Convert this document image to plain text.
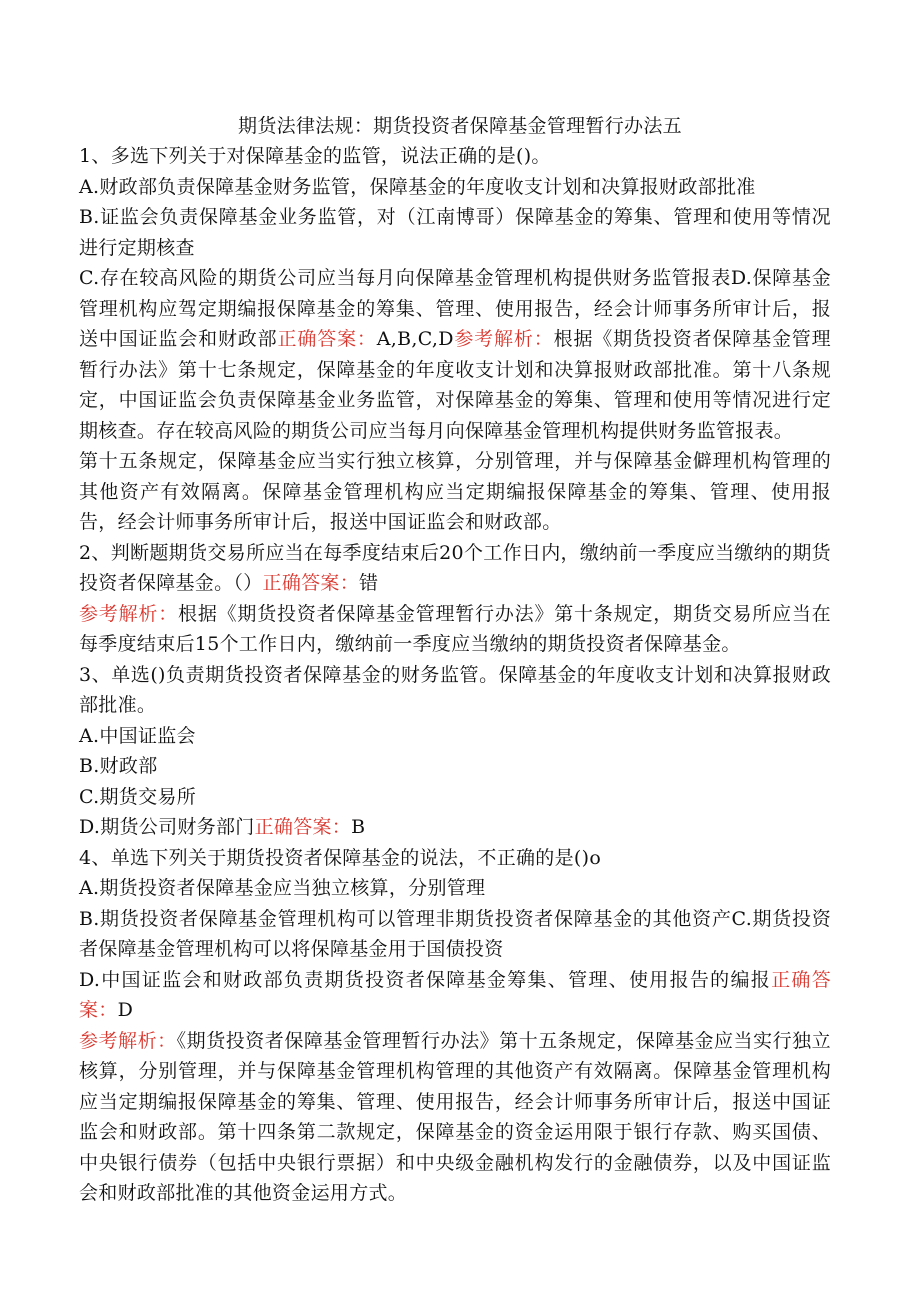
期货法律法规：期货投资者保障基金管理暂行办法五

1、多选下列关于对保障基金的监管，说法正确的是()。

A.财政部负责保障基金财务监管，保障基金的年度收支计划和决算报财政部批准

B.证监会负责保障基金业务监管，对（江南博哥）保障基金的筹集、管理和使用等情况进行定期核查

C.存在较高风险的期货公司应当每月向保障基金管理机构提供财务监管报表D.保障基金管理机构应驾定期编报保障基金的筹集、管理、使用报告，经会计师事务所审计后，报送中国证监会和财政部正确答案：A,B,C,D参考解析：根据《期货投资者保障基金管理暂行办法》第十七条规定，保障基金的年度收支计划和决算报财政部批准。第十八条规定，中国证监会负责保障基金业务监管，对保障基金的筹集、管理和使用等情况进行定期核查。存在较高风险的期货公司应当每月向保障基金管理机构提供财务监管报表。

第十五条规定，保障基金应当实行独立核算，分别管理，并与保障基金僻理机构管理的其他资产有效隔离。保障基金管理机构应当定期编报保障基金的筹集、管理、使用报告，经会计师事务所审计后，报送中国证监会和财政部。

2、判断题期货交易所应当在每季度结束后20个工作日内，缴纳前一季度应当缴纳的期货投资者保障基金。（）正确答案：错

参考解析：根据《期货投资者保障基金管理暂行办法》第十条规定，期货交易所应当在每季度结束后15个工作日内，缴纳前一季度应当缴纳的期货投资者保障基金。

3、单选()负责期货投资者保障基金的财务监管。保障基金的年度收支计划和决算报财政部批准。

A.中国证监会

B.财政部

C.期货交易所

D.期货公司财务部门正确答案：B

4、单选下列关于期货投资者保障基金的说法，不正确的是()o

A.期货投资者保障基金应当独立核算，分别管理

B.期货投资者保障基金管理机构可以管理非期货投资者保障基金的其他资产C.期货投资者保障基金管理机构可以将保障基金用于国债投资

D.中国证监会和财政部负责期货投资者保障基金筹集、管理、使用报告的编报正确答案：D

参考解析：《期货投资者保障基金管理暂行办法》第十五条规定，保障基金应当实行独立核算，分别管理，并与保障基金管理机构管理的其他资产有效隔离。保障基金管理机构应当定期编报保障基金的筹集、管理、使用报告，经会计师事务所审计后，报送中国证监会和财政部。第十四条第二款规定，保障基金的资金运用限于银行存款、购买国债、中央银行债券（包括中央银行票据）和中央级金融机构发行的金融债券，以及中国证监会和财政部批准的其他资金运用方式。
